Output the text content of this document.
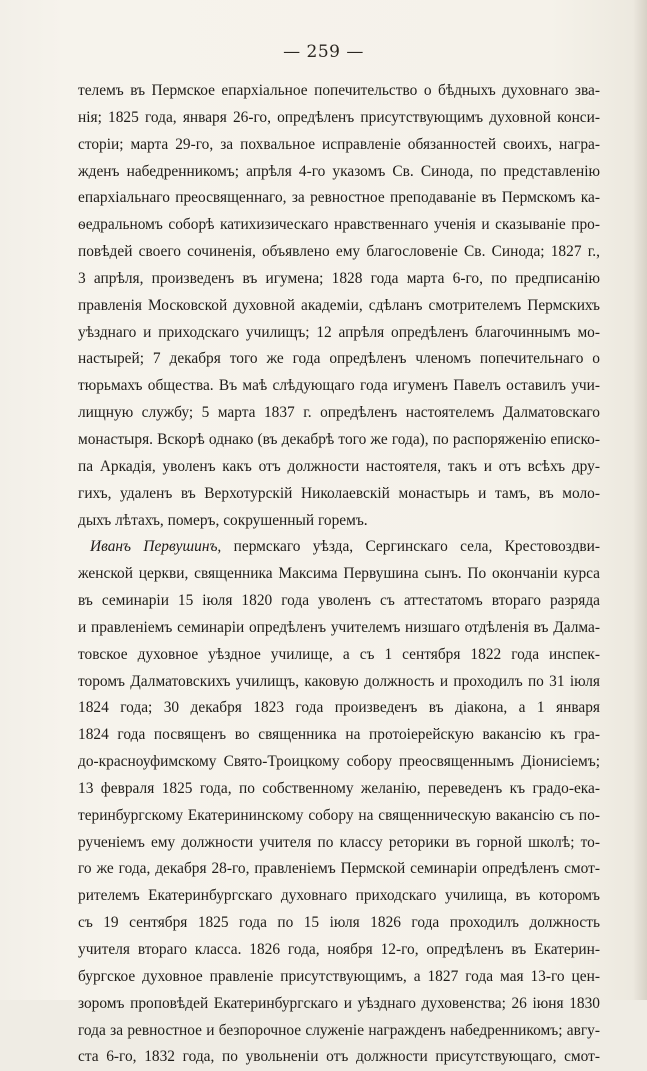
— 259 —
телемъ въ Пермское епархіальное попечительство о бѣдныхъ духовнаго зва-
нія; 1825 года, января 26-го, опредѣленъ присутствующимъ духовной конси-
сторіи; марта 29-го, за похвальное исправленіе обязанностей своихъ, награ-
жденъ набедренникомъ; апрѣля 4-го указомъ Св. Синода, по представленію
епархіальнаго преосвященнаго, за ревностное преподаваніе въ Пермскомъ ка-
ѳедральномъ соборѣ катихизическаго нравственнаго ученія и сказываніе про-
повѣдей своего сочиненія, объявлено ему благословеніе Св. Синода; 1827 г.,
3 апрѣля, произведенъ въ игумена; 1828 года марта 6-го, по предписанію
правленія Московской духовной академіи, сдѣланъ смотрителемъ Пермскихъ
уѣзднаго и приходскаго училищъ; 12 апрѣля опредѣленъ благочиннымъ мо-
настырей; 7 декабря того же года опредѣленъ членомъ попечительнаго о
тюрьмахъ общества. Въ маѣ слѣдующаго года игуменъ Павелъ оставилъ учи-
лищную службу; 5 марта 1837 г. опредѣленъ настоятелемъ Далматовскаго
монастыря. Вскорѣ однако (въ декабрѣ того же года), по распоряженію еписко-
па Аркадія, уволенъ какъ отъ должности настоятеля, такъ и отъ всѣхъ дру-
гихъ, удаленъ въ Верхотурскій Николаевскій монастырь и тамъ, въ моло-
дыхъ лѣтахъ, померъ, сокрушенный горемъ.
Иванъ Первушинъ, пермскаго уѣзда, Сергинскаго села, Крестовоздви-
женской церкви, священника Максима Первушина сынъ. По окончаніи курса
въ семинаріи 15 іюля 1820 года уволенъ съ аттестатомъ втораго разряда
и правленіемъ семинаріи опредѣленъ учителемъ низшаго отдѣленія въ Далма-
товское духовное уѣздное училище, а съ 1 сентября 1822 года инспек-
торомъ Далматовскихъ училищъ, каковую должность и проходилъ по 31 іюля
1824 года; 30 декабря 1823 года произведенъ въ діакона, а 1 января
1824 года посвященъ во священника на протоіерейскую вакансію къ гра-
до-красноуфимскому Свято-Троицкому собору преосвященнымъ Діонисіемъ;
13 февраля 1825 года, по собственному желанію, переведенъ къ градо-ека-
теринбургскому Екатерининскому собору на священническую вакансію съ по-
рученіемъ ему должности учителя по классу реторики въ горной школѣ; то-
го же года, декабря 28-го, правленіемъ Пермской семинаріи опредѣленъ смот-
рителемъ Екатеринбургскаго духовнаго приходскаго училища, въ которомъ
съ 19 сентября 1825 года по 15 іюля 1826 года проходилъ должность
учителя втораго класса. 1826 года, ноября 12-го, опредѣленъ въ Екатерин-
бургское духовное правленіе присутствующимъ, а 1827 года мая 13-го цен-
зоромъ проповѣдей Екатеринбургскаго и уѣзднаго духовенства; 26 іюня 1830
года за ревностное и безпорочное служеніе награжденъ набедренникомъ; авгу-
ста 6-го, 1832 года, по увольненіи отъ должности присутствующаго, смот-
